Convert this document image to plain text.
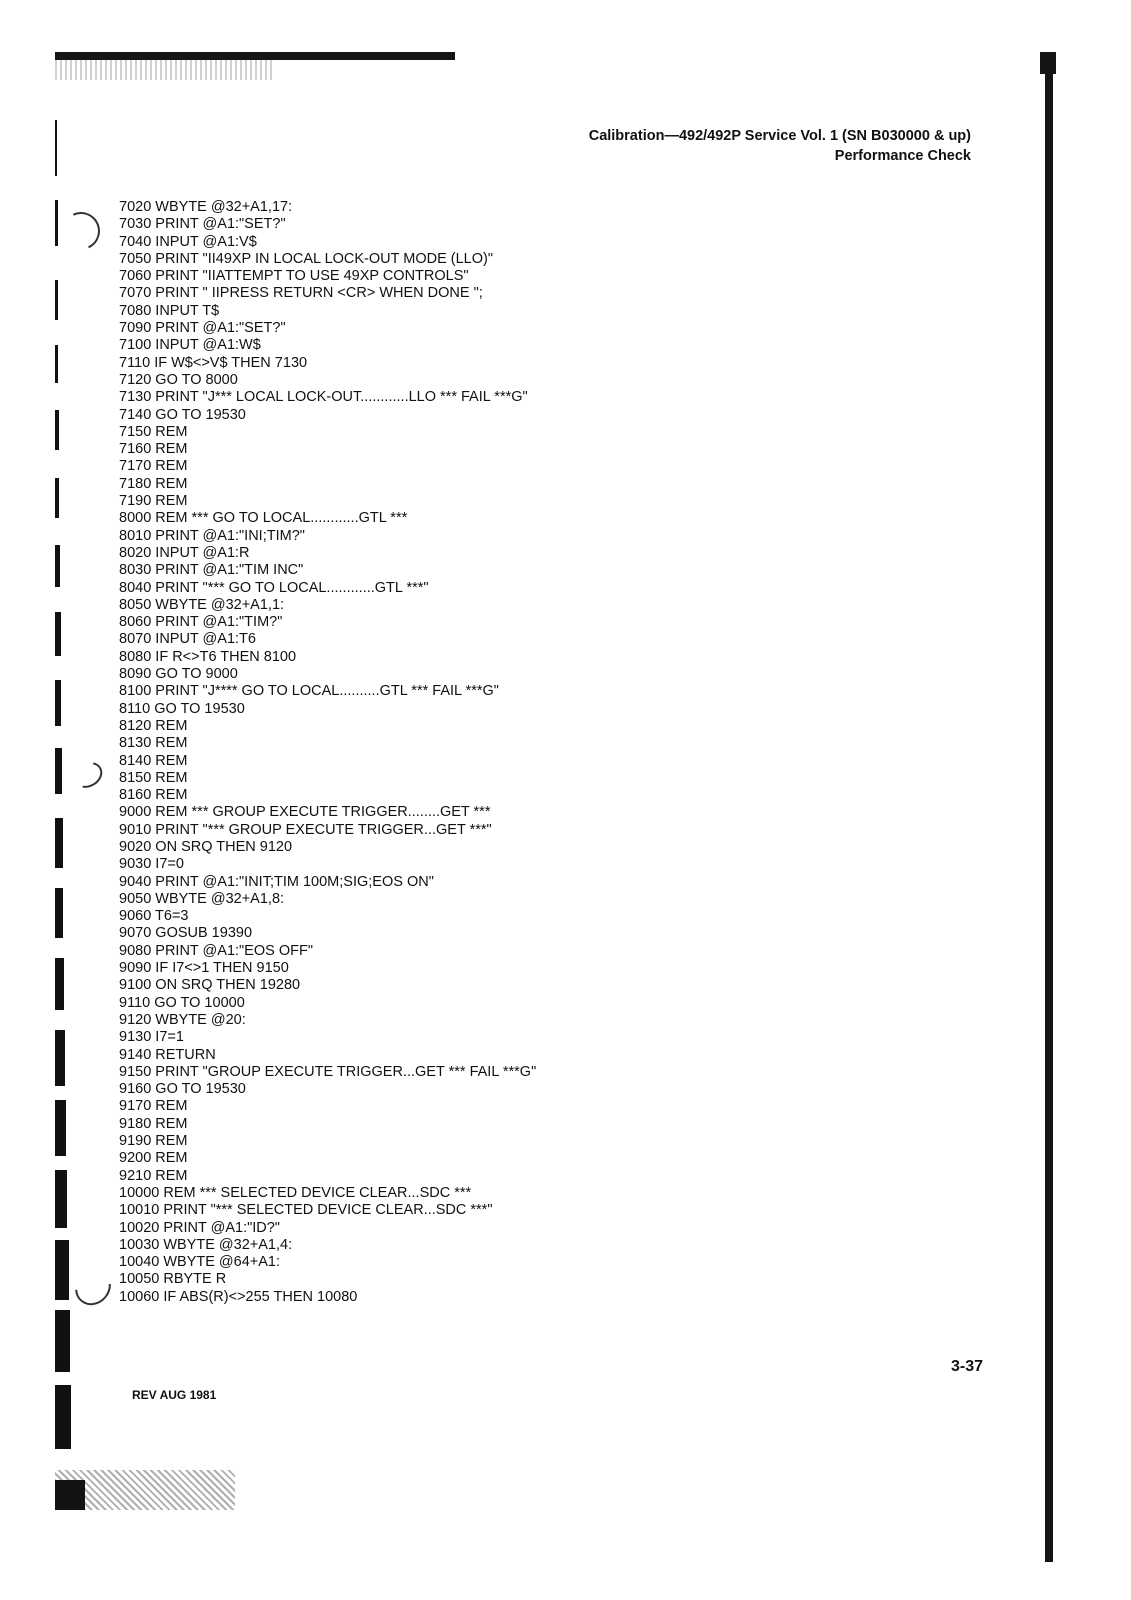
Calibration—492/492P Service Vol. 1 (SN B030000 & up)
Performance Check
7020 WBYTE @32+A1,17:
7030 PRINT @A1:"SET?"
7040 INPUT @A1:V$
7050 PRINT "II49XP IN LOCAL LOCK-OUT MODE (LLO)"
7060 PRINT "IIATTEMPT TO USE 49XP CONTROLS"
7070 PRINT " IIPRESS RETURN <CR> WHEN DONE ";
7080 INPUT T$
7090 PRINT @A1:"SET?"
7100 INPUT @A1:W$
7110 IF W$<>V$ THEN 7130
7120 GO TO 8000
7130 PRINT "J*** LOCAL LOCK-OUT............LLO *** FAIL ***G"
7140 GO TO 19530
7150 REM
7160 REM
7170 REM
7180 REM
7190 REM
8000 REM *** GO TO LOCAL............GTL ***
8010 PRINT @A1:"INI;TIM?"
8020 INPUT @A1:R
8030 PRINT @A1:"TIM INC"
8040 PRINT "*** GO TO LOCAL............GTL ***"
8050 WBYTE @32+A1,1:
8060 PRINT @A1:"TIM?"
8070 INPUT @A1:T6
8080 IF R<>T6 THEN 8100
8090 GO TO 9000
8100 PRINT "J**** GO TO LOCAL..........GTL *** FAIL ***G"
8110 GO TO 19530
8120 REM
8130 REM
8140 REM
8150 REM
8160 REM
9000 REM *** GROUP EXECUTE TRIGGER........GET ***
9010 PRINT "*** GROUP EXECUTE TRIGGER...GET ***"
9020 ON SRQ THEN 9120
9030 I7=0
9040 PRINT @A1:"INIT;TIM 100M;SIG;EOS ON"
9050 WBYTE @32+A1,8:
9060 T6=3
9070 GOSUB 19390
9080 PRINT @A1:"EOS OFF"
9090 IF I7<>1 THEN 9150
9100 ON SRQ THEN 19280
9110 GO TO 10000
9120 WBYTE @20:
9130 I7=1
9140 RETURN
9150 PRINT "GROUP EXECUTE TRIGGER...GET *** FAIL ***G"
9160 GO TO 19530
9170 REM
9180 REM
9190 REM
9200 REM
9210 REM
10000 REM *** SELECTED DEVICE CLEAR...SDC ***
10010 PRINT "*** SELECTED DEVICE CLEAR...SDC ***"
10020 PRINT @A1:"ID?"
10030 WBYTE @32+A1,4:
10040 WBYTE @64+A1:
10050 RBYTE R
10060 IF ABS(R)<>255 THEN 10080
REV AUG 1981
3-37
